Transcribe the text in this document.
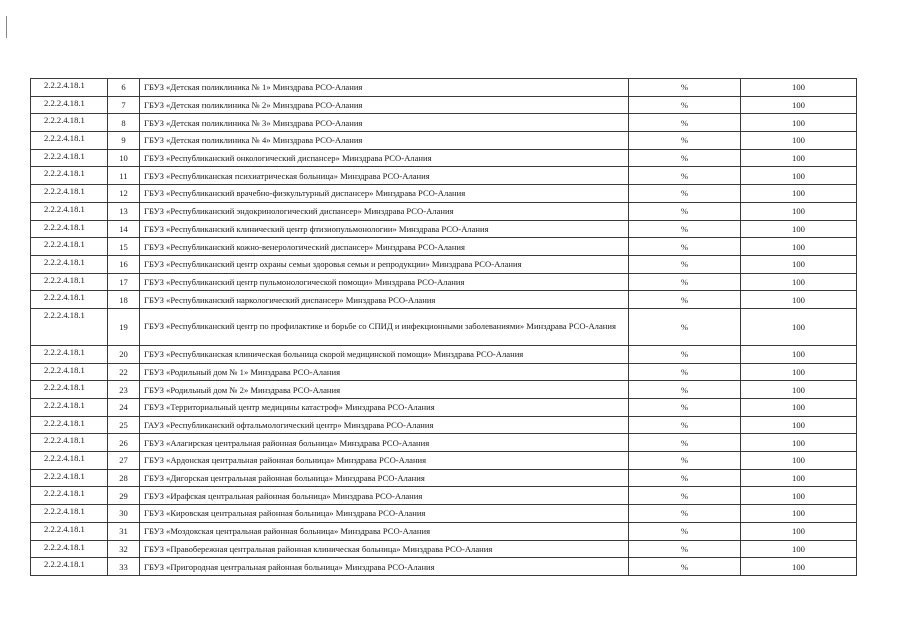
2.2.2.4.18.1	6	ГБУЗ «Детская поликлиника № 1» Минздрава РСО-Алания	%	100
2.2.2.4.18.1	7	ГБУЗ «Детская поликлиника № 2» Минздрава РСО-Алания	%	100
2.2.2.4.18.1	8	ГБУЗ «Детская поликлиника № 3» Минздрава РСО-Алания	%	100
2.2.2.4.18.1	9	ГБУЗ «Детская поликлиника № 4» Минздрава РСО-Алания	%	100
2.2.2.4.18.1	10	ГБУЗ «Республиканский онкологический диспансер» Минздрава РСО-Алания	%	100
2.2.2.4.18.1	11	ГБУЗ «Республиканская психиатрическая больница» Минздрава РСО-Алания	%	100
2.2.2.4.18.1	12	ГБУЗ «Республиканский врачебно-физкультурный диспансер» Минздрава РСО-Алания	%	100
2.2.2.4.18.1	13	ГБУЗ «Республиканский эндокринологический диспансер» Минздрава РСО-Алания	%	100
2.2.2.4.18.1	14	ГБУЗ «Республиканский клинический центр фтизиопульмонологии» Минздрава РСО-Алания	%	100
2.2.2.4.18.1	15	ГБУЗ «Республиканский кожно-венерологический диспансер» Минздрава РСО-Алания	%	100
2.2.2.4.18.1	16	ГБУЗ «Республиканский центр охраны семьи здоровья семьи и репродукции» Минздрава РСО-Алания	%	100
2.2.2.4.18.1	17	ГБУЗ «Республиканский центр пульмонологической помощи» Минздрава РСО-Алания	%	100
2.2.2.4.18.1	18	ГБУЗ «Республиканский наркологический диспансер» Минздрава РСО-Алания	%	100
2.2.2.4.18.1	19	ГБУЗ «Республиканский центр по профилактике и борьбе со СПИД и инфекционными заболеваниями» Минздрава РСО-Алания	%	100
2.2.2.4.18.1	20	ГБУЗ «Республиканская клиническая больница скорой медицинской помощи» Минздрава РСО-Алания	%	100
2.2.2.4.18.1	22	ГБУЗ «Родильный дом № 1» Минздрава РСО-Алания	%	100
2.2.2.4.18.1	23	ГБУЗ «Родильный дом № 2» Минздрава РСО-Алания	%	100
2.2.2.4.18.1	24	ГБУЗ «Территориальный центр медицины катастроф» Минздрава РСО-Алания	%	100
2.2.2.4.18.1	25	ГАУЗ «Республиканский офтальмологический центр» Минздрава РСО-Алания	%	100
2.2.2.4.18.1	26	ГБУЗ «Алагирская центральная районная больница» Минздрава РСО-Алания	%	100
2.2.2.4.18.1	27	ГБУЗ «Ардонская центральная районная больница» Минздрава РСО-Алания	%	100
2.2.2.4.18.1	28	ГБУЗ «Дигорская центральная районная больница» Минздрава РСО-Алания	%	100
2.2.2.4.18.1	29	ГБУЗ «Ирафская центральная районная больница» Минздрава РСО-Алания	%	100
2.2.2.4.18.1	30	ГБУЗ «Кировская центральная районная больница» Минздрава РСО-Алания	%	100
2.2.2.4.18.1	31	ГБУЗ «Моздокская центральная районная больница» Минздрава РСО-Алания	%	100
2.2.2.4.18.1	32	ГБУЗ «Правобережная центральная районная клиническая больница» Минздрава РСО-Алания	%	100
2.2.2.4.18.1	33	ГБУЗ «Пригородная центральная районная больница» Минздрава РСО-Алания	%	100
